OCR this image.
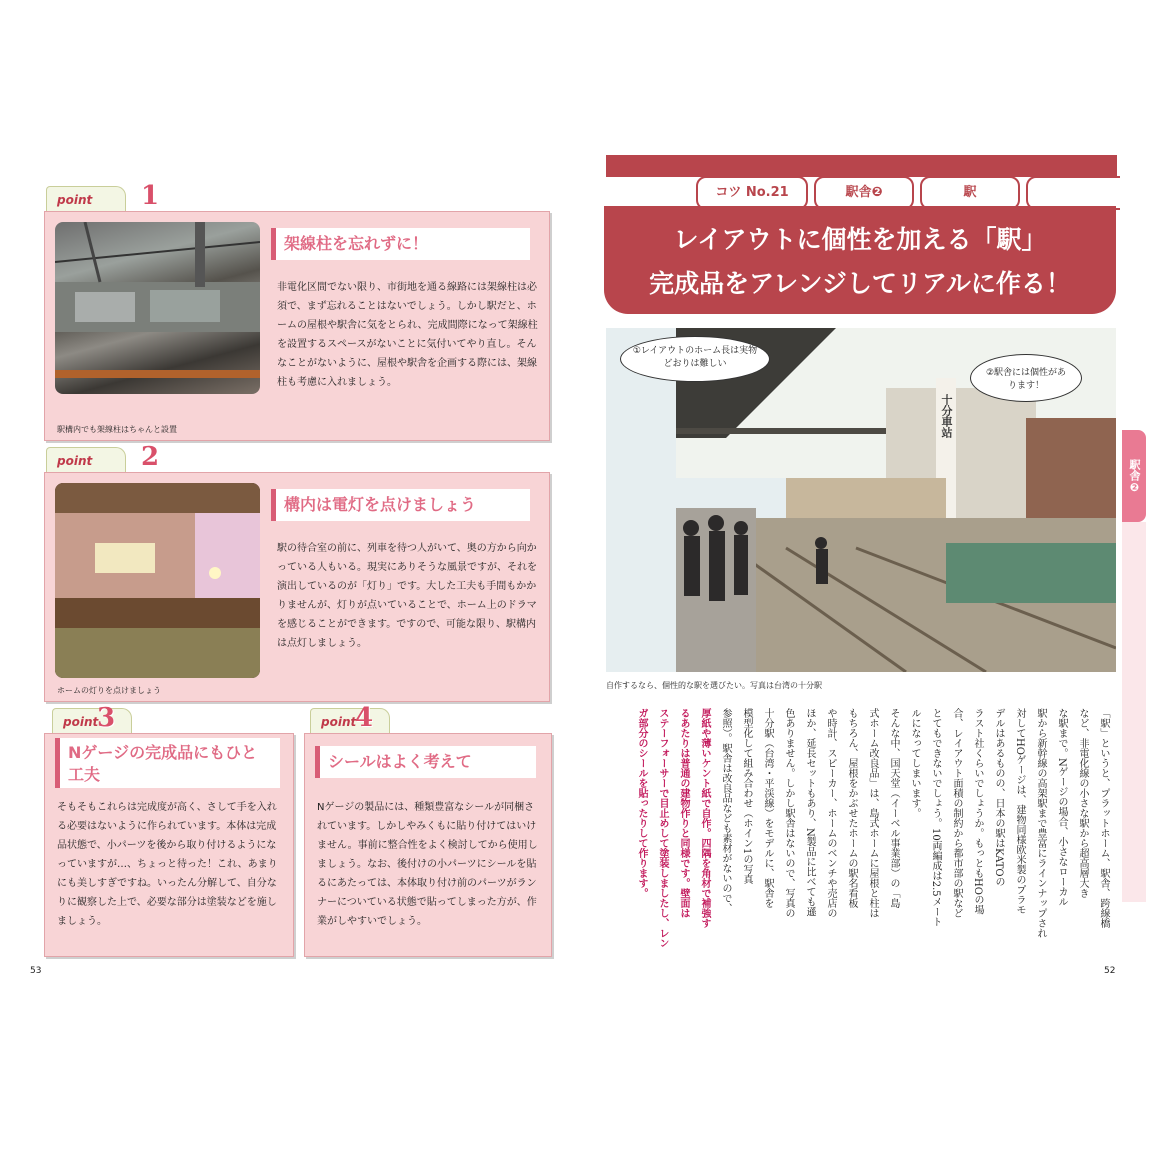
point 1
駅構内でも架線柱はちゃんと設置
架線柱を忘れずに！
非電化区間でない限り、市街地を通る線路には架線柱は必須で、まず忘れることはないでしょう。しかし駅だと、ホームの屋根や駅舎に気をとられ、完成間際になって架線柱を設置するスペースがないことに気付いてやり直し。そんなことがないように、屋根や駅舎を企画する際には、架線柱も考慮に入れましょう。
point 2
ホームの灯りを点けましょう
構内は電灯を点けましょう
駅の待合室の前に、列車を待つ人がいて、奥の方から向かっている人もいる。現実にありそうな風景ですが、それを演出しているのが「灯り」です。大した工夫も手間もかかりませんが、灯りが点いていることで、ホーム上のドラマを感じることができます。ですので、可能な限り、駅構内は点灯しましょう。
point
3
Nゲージの完成品にもひと工夫
そもそもこれらは完成度が高く、さして手を入れる必要はないように作られています。本体は完成品状態で、小パーツを後から取り付けるようになっていますが…、ちょっと待った！これ、あまりにも美しすぎですね。いったん分解して、自分なりに観察した上で、必要な部分は塗装などを施しましょう。
point
4
シールはよく考えて
Nゲージの製品には、種類豊富なシールが同梱されています。しかしやみくもに貼り付けてはいけません。事前に整合性をよく検討してから使用しましょう。なお、後付けの小パーツにシールを貼るにあたっては、本体取り付け前のパーツがランナーについている状態で貼ってしまった方が、作業がしやすいでしょう。
53
コツ No.21	駅舎❷	駅
レイアウトに個性を加える「駅」
完成品をアレンジしてリアルに作る！
十分車站
①レイアウトのホーム長は実物どおりは難しい
②駅舎には個性があります！
自作するなら、個性的な駅を選びたい。写真は台湾の十分駅
駅舎❷
「駅」というと、プラットホーム、駅舎、跨線橋
など、非電化線の小さな駅から超高層大き
な駅まで。Nゲージの場合、小さなローカル
駅から新幹線の高架駅まで豊富にラインナップされ
対してHOゲージは、建物同様欧米製のプラモ
デルはあるものの、日本の駅はKATOの
ラスト社くらいでしょうか。もっともHOの場
合、レイアウト面積の制約から都市部の駅など
とてもできないでしょう。10両編成は2.5メート
ルになってしまいます。
そんな中、国天堂（イーベル事業部）の「島
式ホーム改良品」は、島式ホームに屋根と柱は
もちろん、屋根をかぶせたホームの駅名看板
や時計、スピーカー、ホームのベンチや売店の
ほか、延長セットもあり、N製品に比べても遜
色ありません。しかし駅舎はないので、写真の
十分駅（台湾・平渓線）をモデルに、駅舎を
模型化して組み合わせ（ホイン1の写真
参照）。駅舎は改良品なども素材がないので、
厚紙や薄いケント紙で自作。四隅を角材で補強す
るあたりは普通の建物作りと同様です。壁面は
ステーフォーサーで目止めして塗装しましたし、レン
ガ部分のシールを貼ったりして作ります。
52
